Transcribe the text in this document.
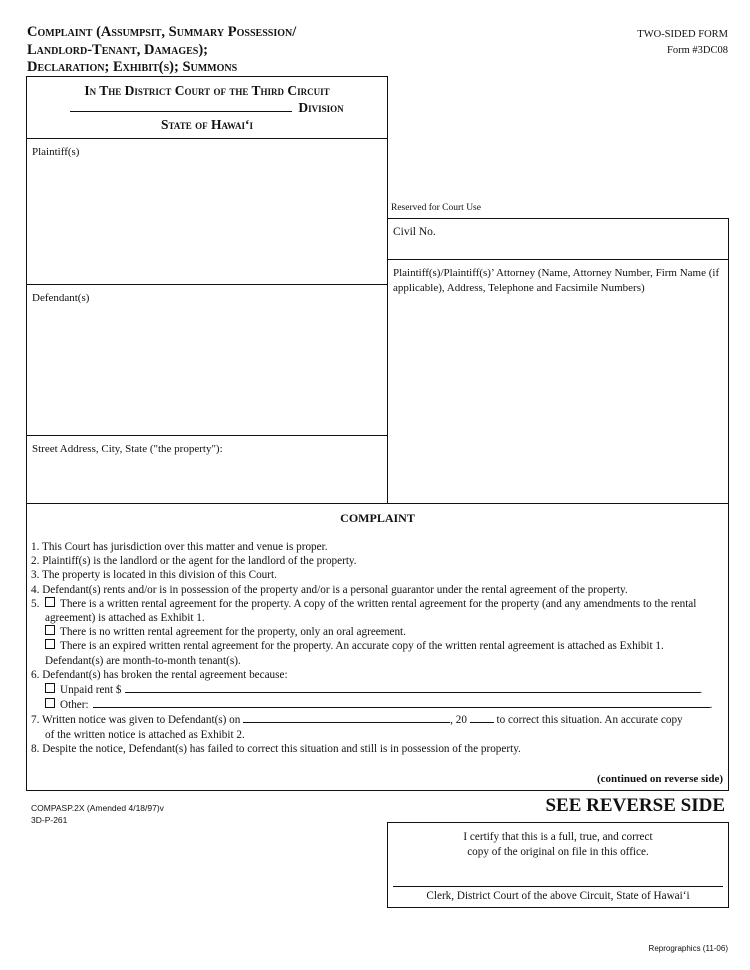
Complaint (Assumpsit, Summary Possession/
Landlord-Tenant, Damages);
Declaration; Exhibit(s); Summons
TWO-SIDED FORM
Form #3DC08
In The District Court of the Third Circuit
Division
State of Hawai‘i
Plaintiff(s)
Defendant(s)
Street Address, City, State ("the property"):
Reserved for Court Use
Civil No.
Plaintiff(s)/Plaintiff(s)’ Attorney (Name, Attorney Number, Firm Name (if applicable), Address, Telephone and Facsimile Numbers)
COMPLAINT
1. This Court has jurisdiction over this matter and venue is proper.
2. Plaintiff(s) is the landlord or the agent for the landlord of the property.
3. The property is located in this division of this Court.
4. Defendant(s) rents and/or is in possession of the property and/or is a personal guarantor under the rental agreement of the property.
5. There is a written rental agreement for the property. A copy of the written rental agreement for the property (and any amendments to the rental agreement) is attached as Exhibit 1.
There is no written rental agreement for the property, only an oral agreement.
There is an expired written rental agreement for the property. An accurate copy of the written rental agreement is attached as Exhibit 1. Defendant(s) are month-to-month tenant(s).
6. Defendant(s) has broken the rental agreement because:
Unpaid rent $	.
Other:	.
7. Written notice was given to Defendant(s) on	, 20	to correct this situation. An accurate copy
of the written notice is attached as Exhibit 2.
8. Despite the notice, Defendant(s) has failed to correct this situation and still is in possession of the property.
(continued on reverse side)
COMPASP.2X (Amended 4/18/97)v
3D-P-261
SEE REVERSE SIDE
I certify that this is a full, true, and correct
copy of the original on file in this office.
Clerk, District Court of the above Circuit, State of Hawai‘i
Reprographics (11-06)
